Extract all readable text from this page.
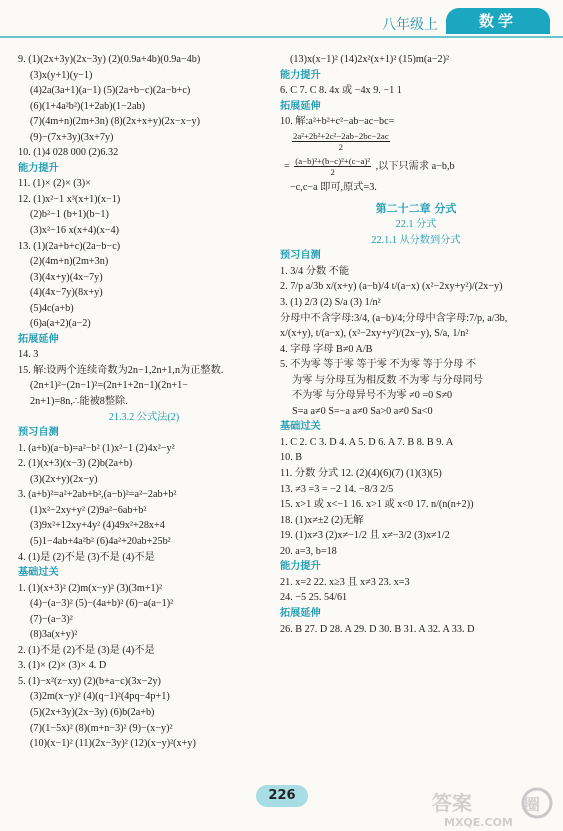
八年级上	数学
9. (1)(2x+3y)(2x−3y) (2)(0.9a+4b)(0.9a−4b)
(3)x(y+1)(y−1)
(4)2a(3a+1)(a−1) (5)(2a+b−c)(2a−b+c)
(6)(1+4a²b²)(1+2ab)(1−2ab)
(7)(4m+n)(2m+3n) (8)(2x+x+y)(2x−x−y)
(9)−(7x+3y)(3x+7y)
10. (1)4 028 000 (2)6.32
能力提升
11. (1)× (2)× (3)×
12. (1)x²−1 x³(x+1)(x−1)
(2)b²−1 (b+1)(b−1)
(3)x²−16 x(x+4)(x−4)
13. (1)(2a+b+c)(2a−b−c)
(2)(4m+n)(2m+3n)
(3)(4x+y)(4x−7y)
(4)(4x−7y)(8x+y)
(5)4c(a+b)
(6)a(a+2)(a−2)
拓展延伸
14. 3
15. 解:设两个连续奇数为2n−1,2n+1,n为正整数.
(2n+1)²−(2n−1)²=(2n+1+2n−1)(2n+1−
2n+1)=8n,∴能被8整除.
21.3.2 公式法(2)
预习自测
1. (a+b)(a−b)=a²−b² (1)x²−1 (2)4x²−y²
2. (1)(x+3)(x−3) (2)b(2a+b)
(3)(2x+y)(2x−y)
3. (a+b)²=a²+2ab+b²,(a−b)²=a²−2ab+b²
(1)x²−2xy+y² (2)9a²−6ab+b²
(3)9x²+12xy+4y² (4)49x²+28x+4
(5)1−4ab+4a²b² (6)4a²+20ab+25b²
4. (1)是 (2)不是 (3)不是 (4)不是
基础过关
1. (1)(x+3)² (2)m(x−y)² (3)(3m+1)²
(4)−(a−3)² (5)−(4a+b)² (6)−a(a−1)²
(7)−(a−3)²
(8)3a(x+y)²
2. (1)不是 (2)不是 (3)是 (4)不是
3. (1)× (2)× (3)× 4. D
5. (1)−x²(z−xy) (2)(b+a−c)(3x−2y)
(3)2m(x−y)² (4)(q−1)²(4pq−4p+1)
(5)(2x+3y)(2x−3y) (6)b(2a+b)
(7)(1−5x)² (8)(m+n−3)² (9)−(x−y)²
(10)(x−1)² (11)(2x−3y)² (12)(x−y)²(x+y)
(13)x(x−1)² (14)2x²(x+1)² (15)m(a−2)²
能力提升
6. C 7. C 8. 4x 或 −4x 9. −1 1
拓展延伸
10. 解:a²+b²+c²−ab−ac−bc=
$\frac{\text{2a²+2b²+2c²−2ab−2bc−2ac}}{2}$
= $\frac{\text{(a−b)²+(b−c)²+(c−a)²}}{2}$ ,以下只需求 a−b,b
−c,c−a 即可,原式=3.
第二十二章 分式
22.1 分式
22.1.1 从分数到分式
预习自测
1. 3/4 分数 不能
2. 7/p a/3b x/(x+y) (a−b)/4 t/(a−x) (x²−2xy+y²)/(2x−y)
3. (1) 2/3 (2) S/a (3) 1/n²
分母中不含字母:3/4, (a−b)/4;分母中含字母:7/p, a/3b,
x/(x+y), t/(a−x), (x²−2xy+y²)/(2x−y), S/a, 1/n²
4. 字母 字母 B≠0 A/B
5. 不为零 等于零 等于零 不为零 等于分母 不
为零 与分母互为相反数 不为零 与分母同号
不为零 与分母异号不为零 ≠0 =0 S≠0
S=a a≠0 S=−a a≠0 Sa>0 a≠0 Sa<0
基础过关
1. C 2. C 3. D 4. A 5. D 6. A 7. B 8. B 9. A
10. B
11. 分数 分式 12. (2)(4)(6)(7) (1)(3)(5)
13. ≠3 =3 = −2 14. −8/3 2/5
15. x>1 或 x<−1 16. x>1 或 x<0 17. n/(n(n+2))
18. (1)x≠±2 (2)无解
19. (1)x≠3 (2)x≠−1/2 且 x≠−3/2 (3)x≠1/2
20. a=3, b=18
能力提升
21. x=2 22. x≥3 且 x≠3 23. x=3
24. −5 25. 54/61
拓展延伸
26. B 27. D 28. A 29. D 30. B 31. A 32. A 33. D
226	答案	圈
MXQE.COM
